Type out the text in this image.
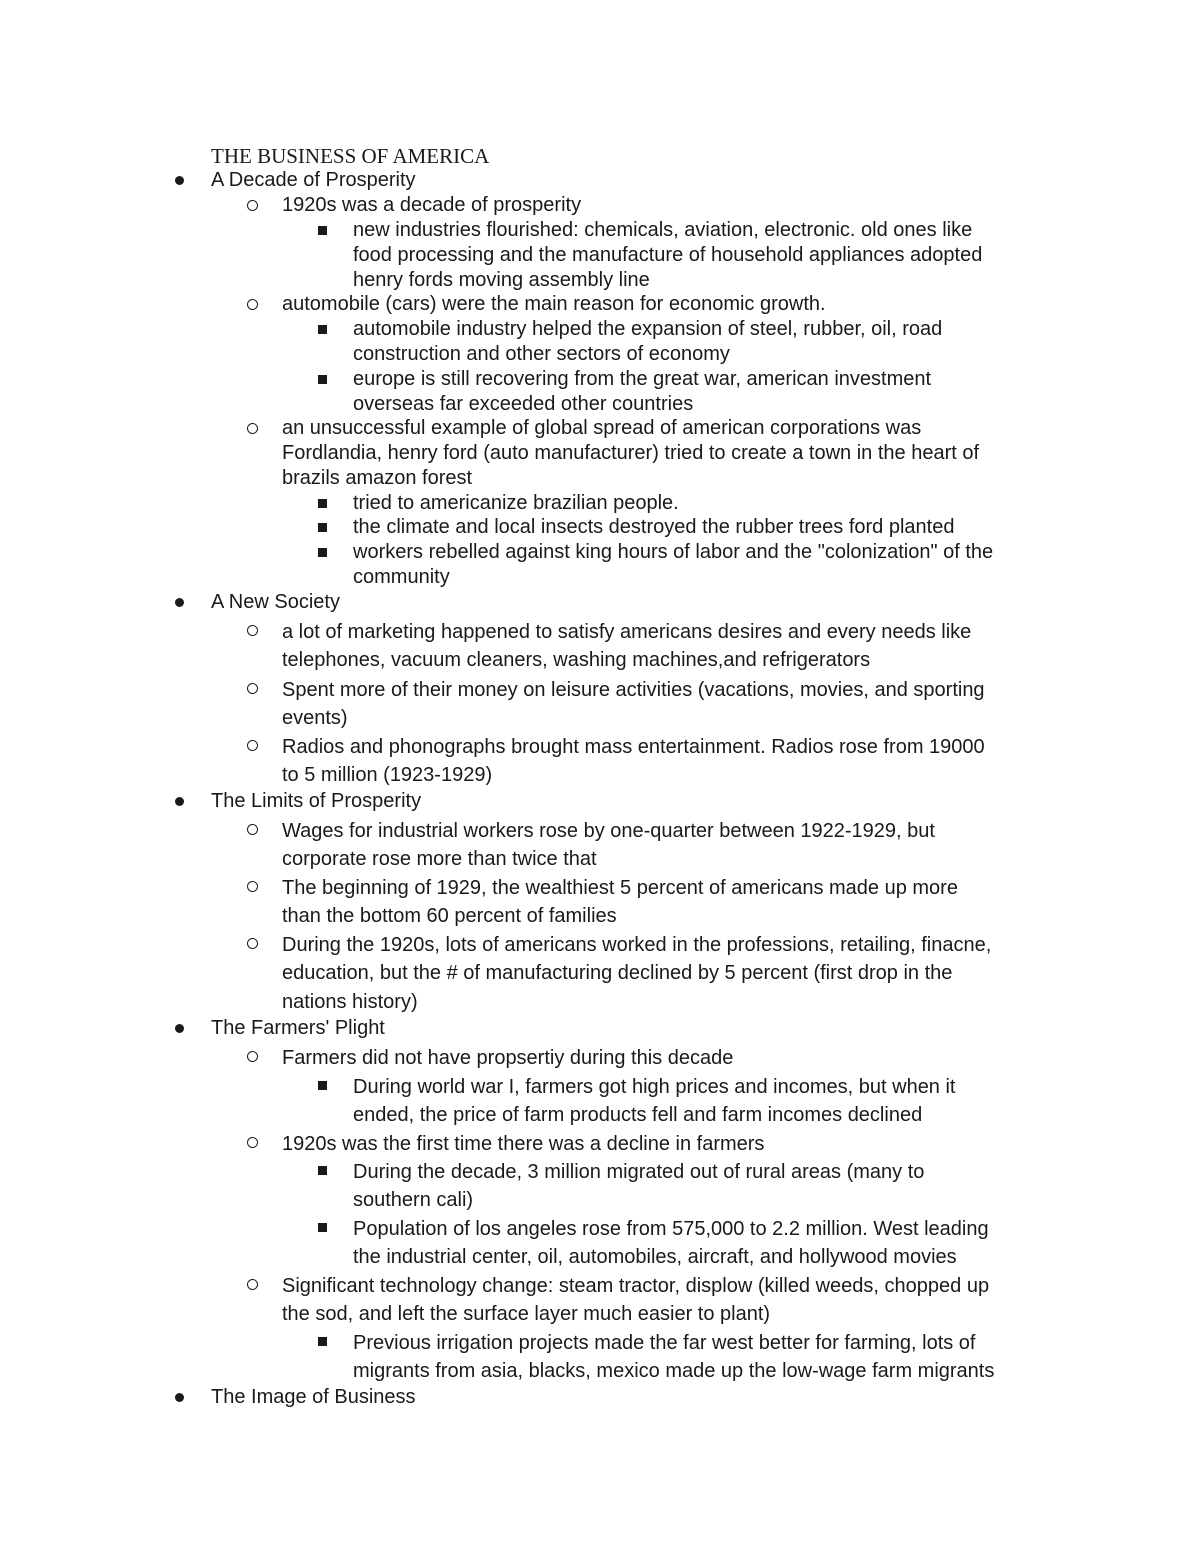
THE BUSINESS OF AMERICA
A Decade of Prosperity
1920s was a decade of prosperity
new industries flourished: chemicals, aviation, electronic. old ones like
food processing and the manufacture of household appliances adopted
henry fords moving assembly line
automobile (cars) were the main reason for economic growth.
automobile industry helped the expansion of steel, rubber, oil, road
construction and other sectors of economy
europe is still recovering from the great war, american investment
overseas far exceeded other countries
an unsuccessful example of global spread of american corporations was
Fordlandia, henry ford (auto manufacturer) tried to create a town in the heart of
brazils amazon forest
tried to americanize brazilian people.
the climate and local insects destroyed the rubber trees ford planted
workers rebelled against king hours of labor and the "colonization" of the
community
A New Society
a lot of marketing happened to satisfy americans desires and every needs like
telephones, vacuum cleaners, washing machines,and refrigerators
Spent more of their money on leisure activities (vacations, movies, and sporting
events)
Radios and phonographs brought mass entertainment. Radios rose from 19000
to 5 million (1923-1929)
The Limits of Prosperity
Wages for industrial workers rose by one-quarter between 1922-1929, but
corporate rose more than twice that
The beginning of 1929, the wealthiest 5 percent of americans made up more
than the bottom 60 percent of families
During the 1920s, lots of americans worked in the professions, retailing, finacne,
education, but the # of manufacturing declined by 5 percent (first drop in the
nations history)
The Farmers' Plight
Farmers did not have propsertiy during this decade
During world war I, farmers got high prices and incomes, but when it
ended, the price of farm products fell and farm incomes declined
1920s was the first time there was a decline in farmers
During the decade, 3 million migrated out of rural areas (many to
southern cali)
Population of los angeles rose from 575,000 to 2.2 million. West leading
the industrial center, oil, automobiles, aircraft, and hollywood movies
Significant technology change: steam tractor, displow (killed weeds, chopped up
the sod, and left the surface layer much easier to plant)
Previous irrigation projects made the far west better for farming, lots of
migrants from asia, blacks, mexico made up the low-wage farm migrants
The Image of Business
